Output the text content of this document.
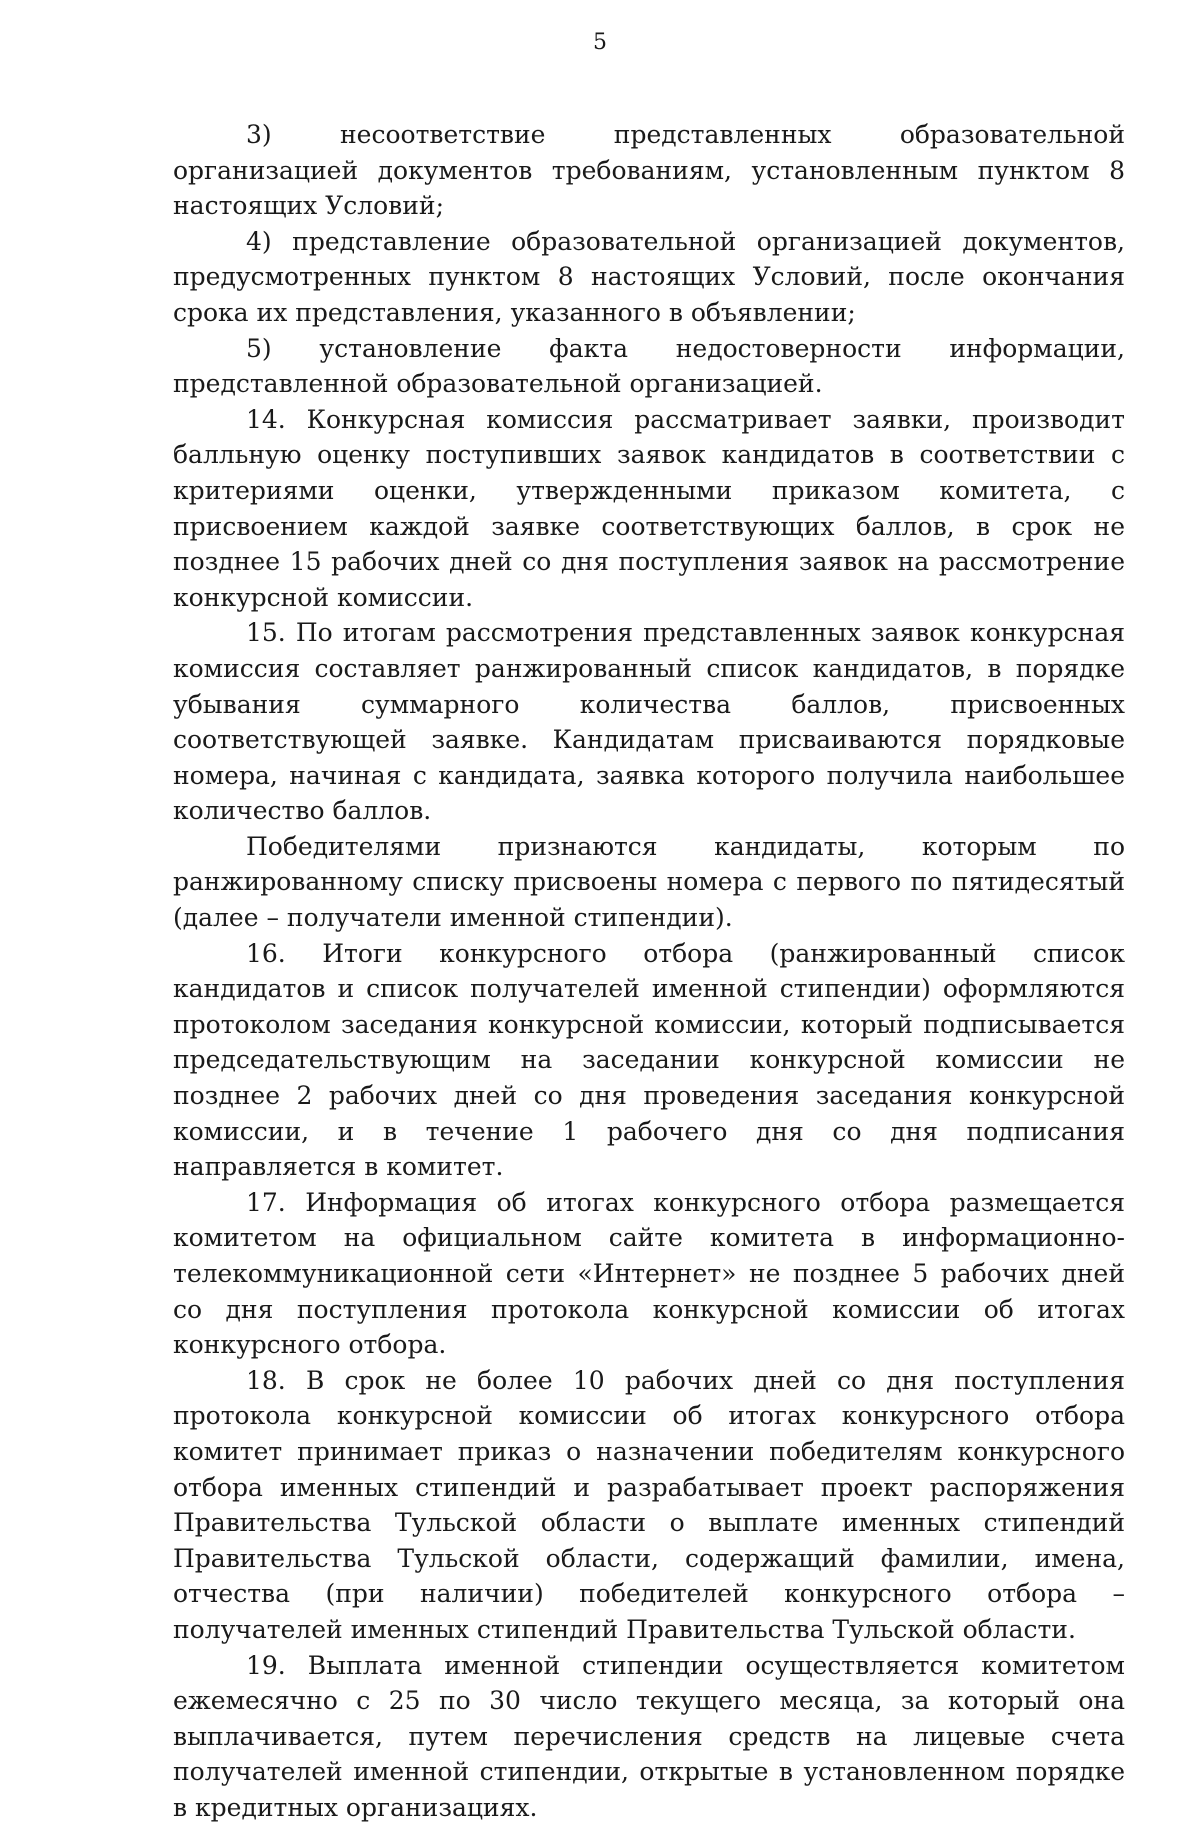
5

3) несоответствие представленных образовательной организацией документов требованиям, установленным пунктом 8 настоящих Условий;

4) представление образовательной организацией документов, предусмотренных пунктом 8 настоящих Условий, после окончания срока их представления, указанного в объявлении;

5) установление факта недостоверности информации, представленной образовательной организацией.

14. Конкурсная комиссия рассматривает заявки, производит балльную оценку поступивших заявок кандидатов в соответствии с критериями оценки, утвержденными приказом комитета, с присвоением каждой заявке соответствующих баллов, в срок не позднее 15 рабочих дней со дня поступления заявок на рассмотрение конкурсной комиссии.

15. По итогам рассмотрения представленных заявок конкурсная комиссия составляет ранжированный список кандидатов, в порядке убывания суммарного количества баллов, присвоенных соответствующей заявке. Кандидатам присваиваются порядковые номера, начиная с кандидата, заявка которого получила наибольшее количество баллов.

Победителями признаются кандидаты, которым по ранжированному списку присвоены номера с первого по пятидесятый (далее – получатели именной стипендии).

16. Итоги конкурсного отбора (ранжированный список кандидатов и список получателей именной стипендии) оформляются протоколом заседания конкурсной комиссии, который подписывается председательствующим на заседании конкурсной комиссии не позднее 2 рабочих дней со дня проведения заседания конкурсной комиссии, и в течение 1 рабочего дня со дня подписания направляется в комитет.

17. Информация об итогах конкурсного отбора размещается комитетом на официальном сайте комитета в информационно-телекоммуникационной сети «Интернет» не позднее 5 рабочих дней со дня поступления протокола конкурсной комиссии об итогах конкурсного отбора.

18. В срок не более 10 рабочих дней со дня поступления протокола конкурсной комиссии об итогах конкурсного отбора комитет принимает приказ о назначении победителям конкурсного отбора именных стипендий и разрабатывает проект распоряжения Правительства Тульской области о выплате именных стипендий Правительства Тульской области, содержащий фамилии, имена, отчества (при наличии) победителей конкурсного отбора – получателей именных стипендий Правительства Тульской области.

19. Выплата именной стипендии осуществляется комитетом ежемесячно с 25 по 30 число текущего месяца, за который она выплачивается, путем перечисления средств на лицевые счета получателей именной стипендии, открытые в установленном порядке в кредитных организациях.
